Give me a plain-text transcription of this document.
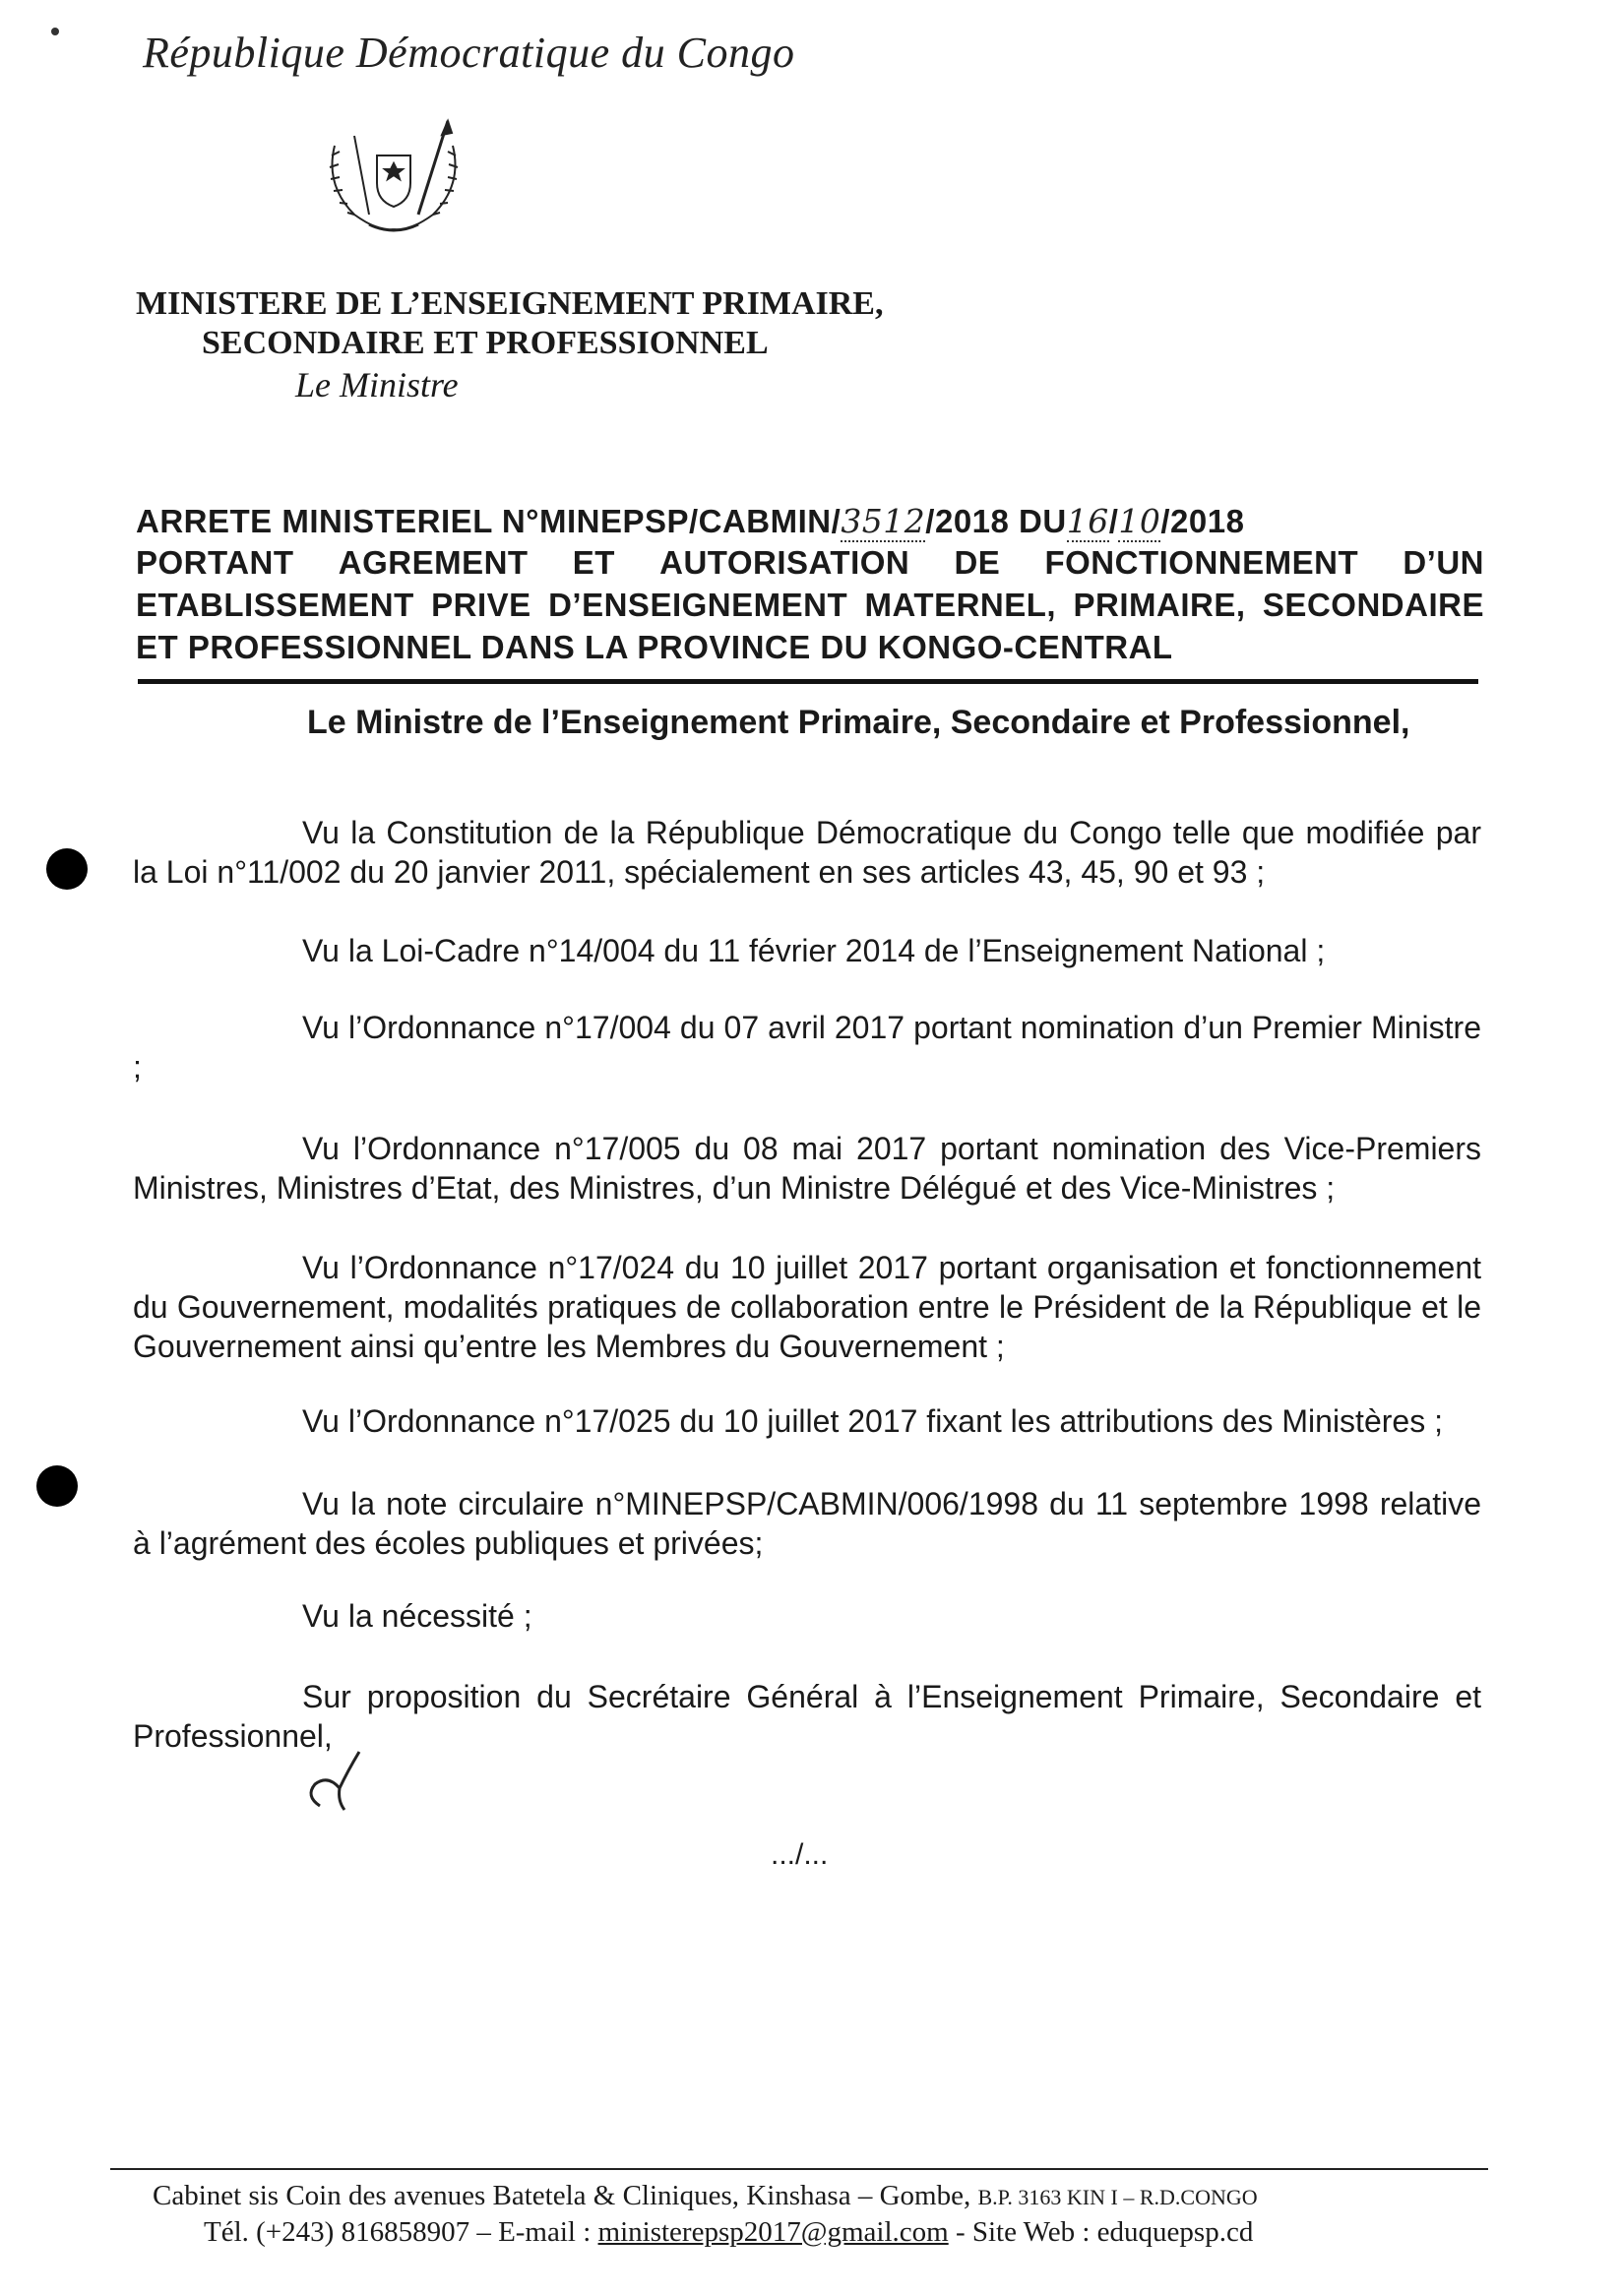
République Démocratique du Congo
MINISTERE DE L’ENSEIGNEMENT PRIMAIRE,
SECONDAIRE ET PROFESSIONNEL
Le Ministre
ARRETE MINISTERIEL N°MINEPSP/CABMIN/3512/2018 DU16/10/2018
PORTANT AGREMENT ET AUTORISATION DE FONCTIONNEMENT D’UN
ETABLISSEMENT PRIVE D’ENSEIGNEMENT MATERNEL, PRIMAIRE, SECONDAIRE
ET PROFESSIONNEL DANS LA PROVINCE DU KONGO-CENTRAL
Le Ministre de l’Enseignement Primaire, Secondaire et Professionnel,
Vu la Constitution de la République Démocratique du Congo telle que modifiée par la Loi n°11/002 du 20 janvier 2011, spécialement en ses articles 43, 45, 90 et 93 ;
Vu la Loi-Cadre n°14/004 du 11 février 2014 de l’Enseignement National ;
Vu l’Ordonnance n°17/004 du 07 avril 2017 portant nomination d’un Premier Ministre ;
Vu l’Ordonnance n°17/005 du 08 mai 2017 portant nomination des Vice-Premiers Ministres, Ministres d’Etat, des Ministres, d’un Ministre Délégué et des Vice-Ministres ;
Vu l’Ordonnance n°17/024 du 10 juillet 2017 portant organisation et fonctionnement du Gouvernement, modalités pratiques de collaboration entre le Président de la République et le Gouvernement ainsi qu’entre les Membres du Gouvernement ;
Vu l’Ordonnance n°17/025 du 10 juillet 2017 fixant les attributions des Ministères ;
Vu la note circulaire n°MINEPSP/CABMIN/006/1998 du 11 septembre 1998 relative à l’agrément des écoles publiques et privées;
Vu la nécessité ;
Sur proposition du Secrétaire Général à l’Enseignement Primaire, Secondaire et Professionnel,
.../...
Cabinet sis Coin des avenues Batetela & Cliniques, Kinshasa – Gombe, B.P. 3163 KIN I – R.D.CONGO
Tél. (+243) 816858907 – E-mail : ministerepsp2017@gmail.com - Site Web : eduquepsp.cd
